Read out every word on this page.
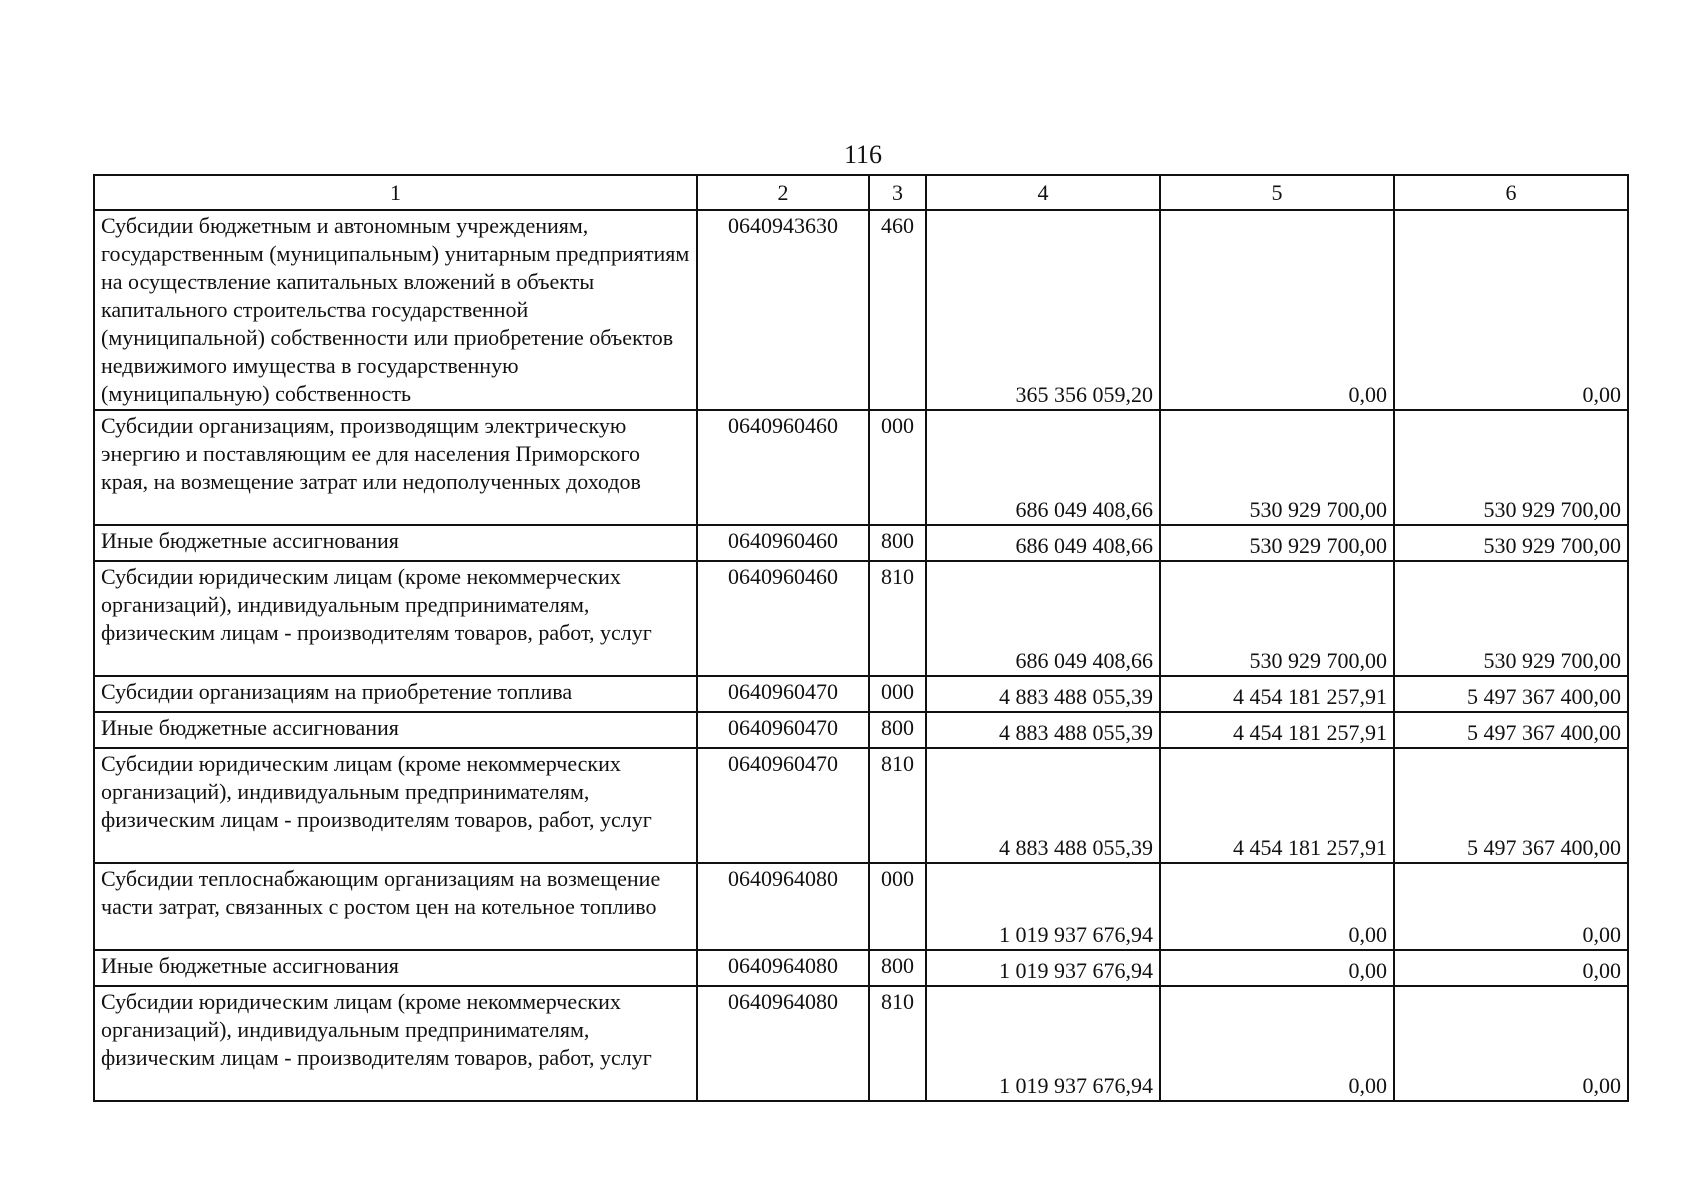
116
1	2	3	4	5	6
Субсидии бюджетным и автономным учреждениям, государственным (муниципальным) унитарным предприятиям на осуществление капитальных вложений в объекты капитального строительства государственной (муниципальной) собственности или приобретение объектов недвижимого имущества в государственную (муниципальную) собственность	0640943630	460	365 356 059,20	0,00	0,00
Субсидии организациям, производящим электрическую энергию и поставляющим ее для населения Приморского края, на возмещение затрат или недополученных доходов	0640960460	000	686 049 408,66	530 929 700,00	530 929 700,00
Иные бюджетные ассигнования	0640960460	800	686 049 408,66	530 929 700,00	530 929 700,00
Субсидии юридическим лицам (кроме некоммерческих организаций), индивидуальным предпринимателям, физическим лицам - производителям товаров, работ, услуг	0640960460	810	686 049 408,66	530 929 700,00	530 929 700,00
Субсидии организациям на приобретение топлива	0640960470	000	4 883 488 055,39	4 454 181 257,91	5 497 367 400,00
Иные бюджетные ассигнования	0640960470	800	4 883 488 055,39	4 454 181 257,91	5 497 367 400,00
Субсидии юридическим лицам (кроме некоммерческих организаций), индивидуальным предпринимателям, физическим лицам - производителям товаров, работ, услуг	0640960470	810	4 883 488 055,39	4 454 181 257,91	5 497 367 400,00
Субсидии теплоснабжающим организациям на возмещение части затрат, связанных с ростом цен на котельное топливо	0640964080	000	1 019 937 676,94	0,00	0,00
Иные бюджетные ассигнования	0640964080	800	1 019 937 676,94	0,00	0,00
Субсидии юридическим лицам (кроме некоммерческих организаций), индивидуальным предпринимателям, физическим лицам - производителям товаров, работ, услуг	0640964080	810	1 019 937 676,94	0,00	0,00
